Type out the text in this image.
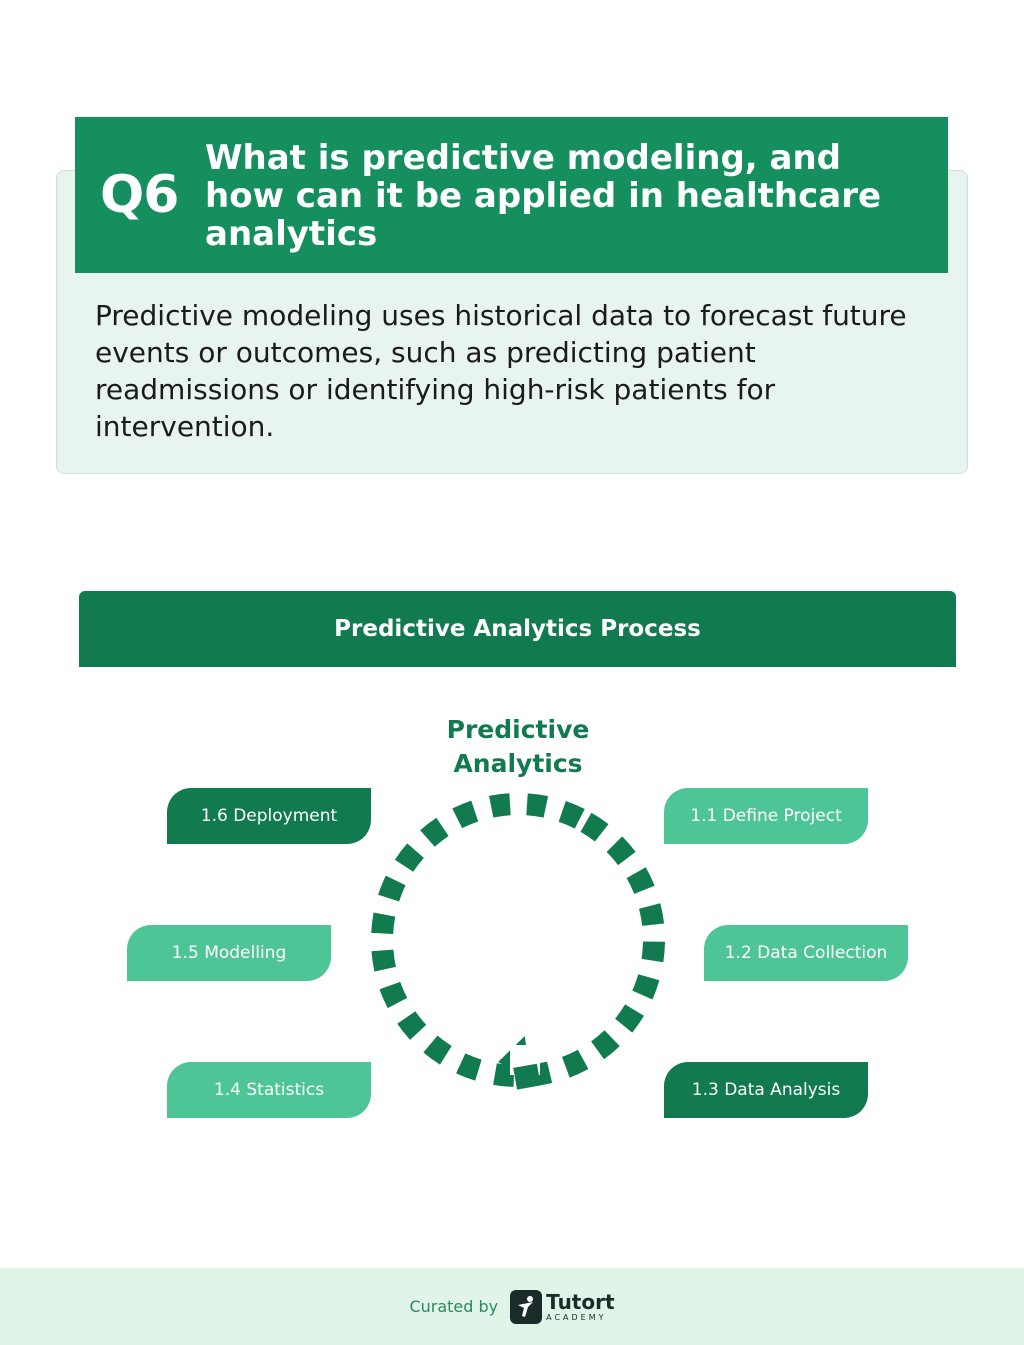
Q6
What is predictive modeling, and how can it be applied in healthcare analytics
Predictive modeling uses historical data to forecast future events or outcomes, such as predicting patient readmissions or identifying high-risk patients for intervention.
Predictive Analytics Process
Predictive
Analytics
1.1 Define Project
1.2 Data Collection
1.3 Data Analysis
1.4 Statistics
1.5 Modelling
1.6 Deployment
Curated by Tutort
ACADEMY
